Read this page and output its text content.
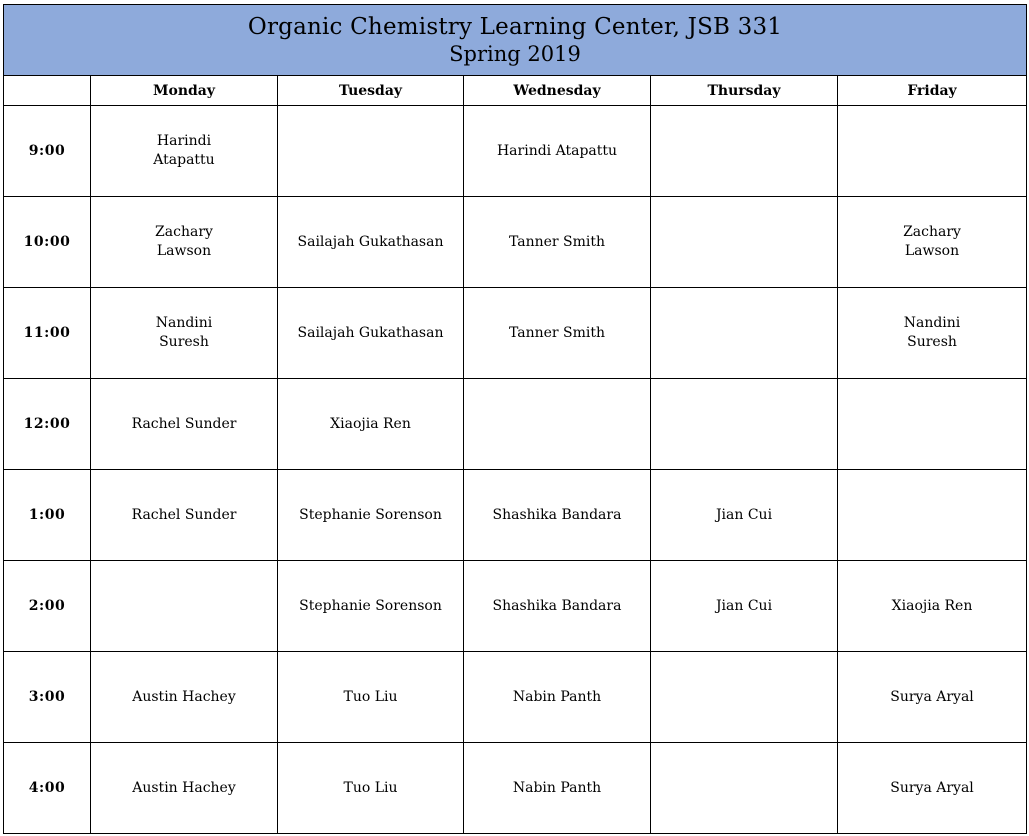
Organic Chemistry Learning Center, JSB 331
Spring 2019					

	Monday	Tuesday	Wednesday	Thursday	Friday
9:00	Harindi Atapattu		Harindi Atapattu		
10:00	Zachary Lawson	Sailajah Gukathasan	Tanner Smith		Zachary Lawson
11:00	Nandini Suresh	Sailajah Gukathasan	Tanner Smith		Nandini Suresh
12:00	Rachel Sunder	Xiaojia Ren			
1:00	Rachel Sunder	Stephanie Sorenson	Shashika Bandara	Jian Cui	
2:00		Stephanie Sorenson	Shashika Bandara	Jian Cui	Xiaojia Ren
3:00	Austin Hachey	Tuo Liu	Nabin Panth		Surya Aryal
4:00	Austin Hachey	Tuo Liu	Nabin Panth		Surya Aryal
